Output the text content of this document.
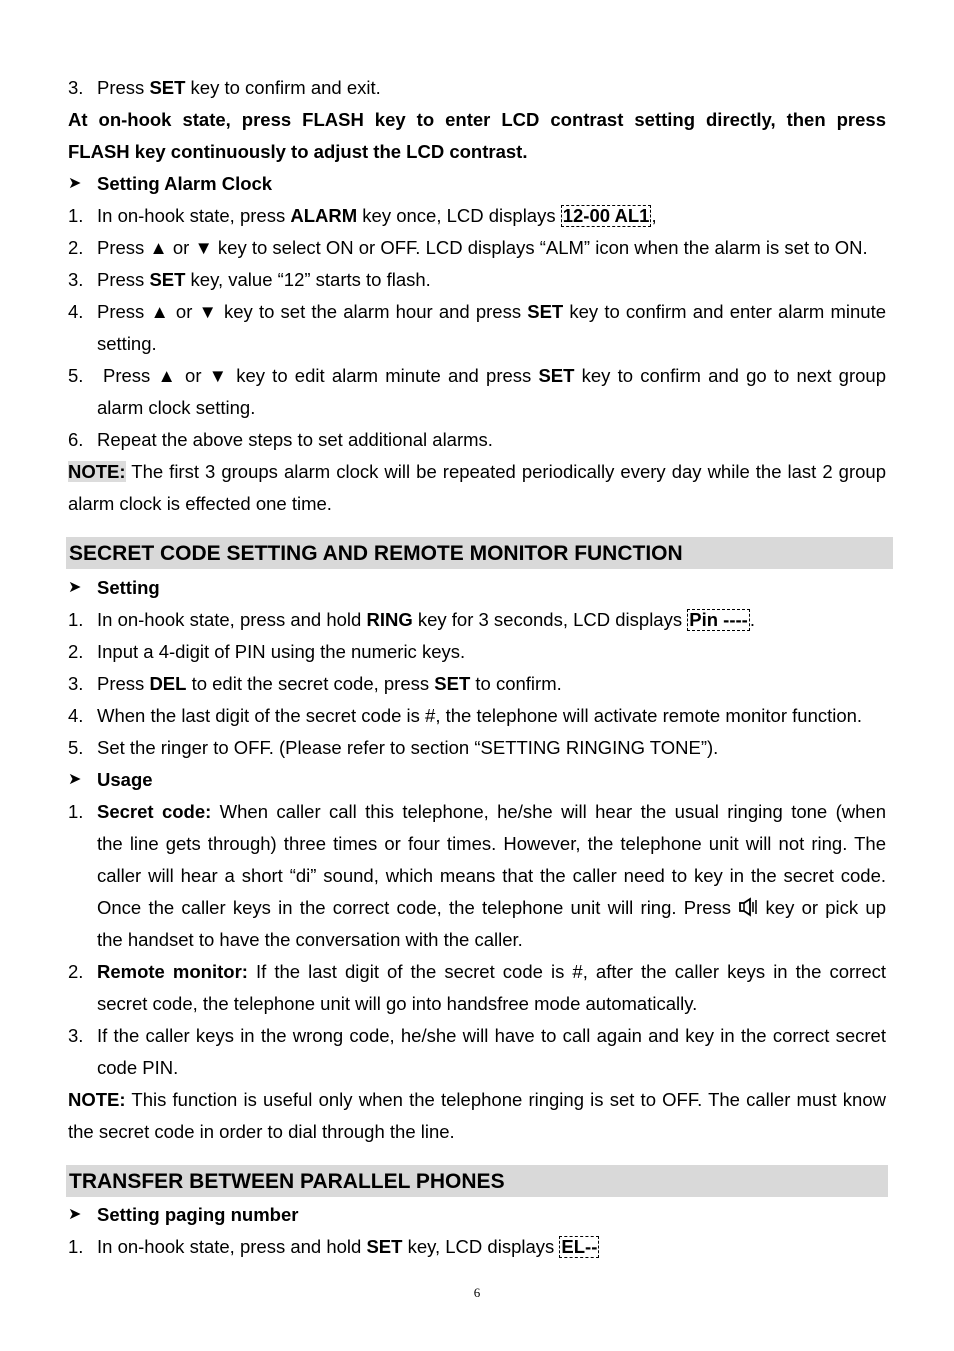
3. Press SET key to confirm and exit.
At on-hook state, press FLASH key to enter LCD contrast setting directly, then press
FLASH key continuously to adjust the LCD contrast.
➤ Setting Alarm Clock
1. In on-hook state, press ALARM key once, LCD displays 12-00 AL1 ,
2. Press ▲ or ▼ key to select ON or OFF. LCD displays “ALM” icon when the alarm is set to ON.
3. Press SET key, value “12” starts to flash.
4. Press ▲ or ▼ key to set the alarm hour and press SET key to confirm and enter alarm minute
setting.
5.	Press ▲ or ▼ key to edit alarm minute and press SET key to confirm and go to next group
alarm clock setting.
6. Repeat the above steps to set additional alarms.
NOTE: The first 3 groups alarm clock will be repeated periodically every day while the last 2 group
alarm clock is effected one time.
SECRET CODE SETTING AND REMOTE MONITOR FUNCTION
➤ Setting
1. In on-hook state, press and hold RING key for 3 seconds, LCD displays Pin ---- .
2. Input a 4-digit of PIN using the numeric keys.
3. Press DEL to edit the secret code, press SET to confirm.
4. When the last digit of the secret code is #, the telephone will activate remote monitor function.
5. Set the ringer to OFF. (Please refer to section “SETTING RINGING TONE”).
➤ Usage
1. Secret code: When caller call this telephone, he/she will hear the usual ringing tone (when
the line gets through) three times or four times. However, the telephone unit will not ring. The
caller will hear a short “di” sound, which means that the caller need to key in the secret code.
Once the caller keys in the correct code, the telephone unit will ring. Press  key or pick up
the handset to have the conversation with the caller.
2. Remote monitor: If the last digit of the secret code is #, after the caller keys in the correct
secret code, the telephone unit will go into handsfree mode automatically.
3. If the caller keys in the wrong code, he/she will have to call again and key in the correct secret
code PIN.
NOTE: This function is useful only when the telephone ringing is set to OFF. The caller must know
the secret code in order to dial through the line.
TRANSFER BETWEEN PARALLEL PHONES
➤ Setting paging number
1. In on-hook state, press and hold SET key, LCD displays EL--
6
